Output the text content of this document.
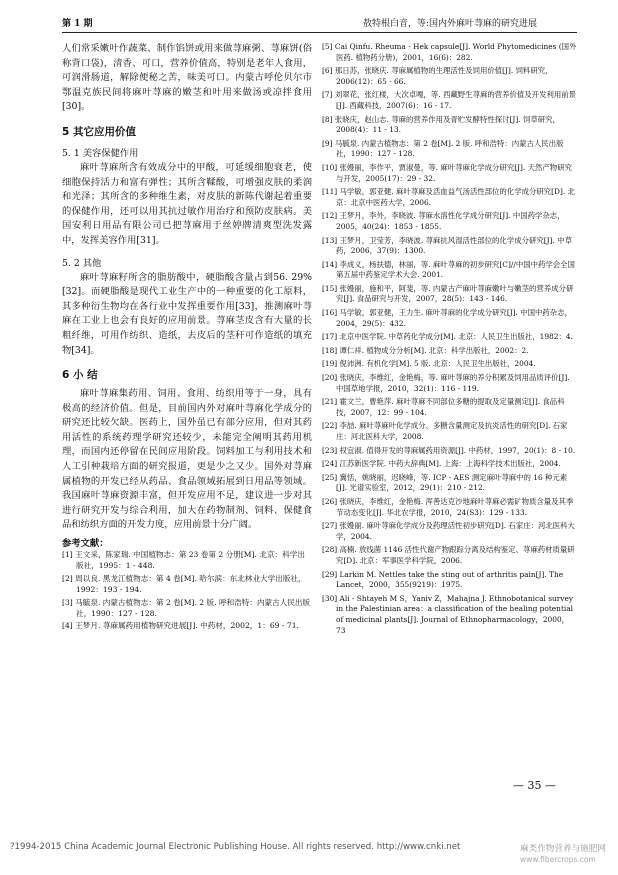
第 1 期	敖特根白音，等:国内外麻叶荨麻的研究进展

人们常采嫩叶作蔬菜、制作馅饼或用来做荨麻粥、荨麻饼(俗称背口袋)，清香、可口，营养价值高，特别是老年人食用，可润滑肠道，解除便秘之苦，味美可口。内蒙古呼伦贝尔市鄂温克族民间将麻叶荨麻的嫩茎和叶用来做汤或凉拌食用[30]。

5 其它应用价值
5. 1 美容保健作用

麻叶荨麻所含有效成分中的甲酸，可延缓细胞衰老，使细胞保持活力和富有弹性；其所含鞣酸，可增强皮肤的柔润和光泽；其所含的多种维生素，对皮肤的新陈代谢起着重要的保健作用，还可以用其抗过敏作用治疗和预防皮肤病。美国安利日用品有限公司已把荨麻用于丝婷牌清爽型洗发露中，发挥美容作用[31]。

5. 2 其他

麻叶荨麻籽所含的脂肪酸中，硬脂酸含量占到56. 29%[32]。而硬脂酸是现代工业生产中的一种重要的化工原料，其多种衍生物均在各行业中发挥重要作用[33]，推测麻叶荨麻在工业上也会有良好的应用前景。荨麻茎皮含有大量的长粗纤维，可用作纺织、造纸，去皮后的茎秆可作造纸的填充物[34]。

6 小 结

麻叶荨麻集药用、饲用、食用、纺织用等于一身，具有极高的经济价值。但是，目前国内外对麻叶荨麻化学成分的研究还比较欠缺。医药上，国外虽已有部分应用，但对其药用活性的系统药理学研究还较少，未能完全阐明其药用机理，而国内还停留在民间应用阶段。饲料加工与利用技术和人工引种栽培方面的研究报道，更是少之又少。国外对荨麻属植物的开发已经从药品、食品领域拓展到日用品等领域。我国麻叶荨麻资源丰富，但开发应用不足，建议进一步对其进行研究开发与综合利用，加大在药物制剂、饲料、保健食品和纺织方面的开发力度，应用前景十分广阔。

参考文献：

[1] 王文采，陈家瑞. 中国植物志：第 23 卷第 2 分册[M]. 北京：科学出版社，1995：1 - 448.

[2] 周以良. 黑龙江植物志：第 4 卷[M]. 哈尔滨：东北林业大学出版社，1992：193 - 194.

[3] 马毓泉. 内蒙古植物志：第 2 卷[M]. 2 版. 呼和浩特：内蒙古人民出版社，1990：127 - 128.

[4] 王梦月. 荨麻属药用植物研究进展[J]. 中药材，2002，1：69 - 71.

[5] Cai Qinfu. Rheuma - Hek capsule[J]. World Phytomedicines (国外医药. 植物药分册)，2001，16(6)：282.

[6] 那日苏，张晓庆. 荨麻属植物的生理活性及饲用价值[J]. 饲料研究，2006(12)：65 - 66.

[7] 刘翠花，张红楼，大次卓嘎，等. 西藏野生荨麻的营养价值及开发利用前景[J]. 西藏科技，2007(6)：16 - 17.

[8] 张晓庆，赵山志. 荨麻的营养作用及青贮发酵特性探讨[J]. 饲草研究，2008(4)：11 - 13.

[9] 马毓泉. 内蒙古植物志：第 2 卷[M]. 2 版. 呼和浩特：内蒙古人民出版社，1990：127 - 128.

[10] 张嫚丽，李作平，贾淑曼，等. 麻叶荨麻化学成分研究[J]. 天然产物研究与开发，2005(17)：29 - 32.

[11] 马学敏，郭亚健. 麻叶荨麻及活血益气汤活性部位的化学成分研究[D]. 北京：北京中医药大学，2006.

[12] 王梦月，李外，李晓波. 荨麻水溶性化学成分研究[J]. 中国药学杂志，2005，40(24)：1853 - 1855.

[13] 王梦月，卫莹芳，李晓波. 荨麻抗风湿活性部位的化学成分研究[J]. 中草药，2006，37(9)：1300.

[14] 李成义，杨扶德，林丽，等. 麻叶荨麻的初步研究[C]//中国中药学会全国第五届中药鉴定学术大会. 2001.

[15] 张嫚丽，施和平，阿斐，等. 内蒙古产麻叶荨麻嫩叶与嫩茎的营养成分研究[J]. 食品研究与开发，2007，28(5)：143 - 146.

[16] 马学敏，郭亚健，王力生. 麻叶荨麻的化学成分研究[J]. 中国中药杂志，2004，29(5)：432.

[17] 北京中医学院. 中草药化学成分[M]. 北京：人民卫生出版社，1982：4.

[18] 谭仁祥. 植物成分分析[M]. 北京：科学出版社，2002：2.

[19] 倪沛洲. 有机化学[M]. 5 版. 北京：人民卫生出版社，2004.

[20] 张晓庆，李维红，金艳梅，等. 麻叶荨麻的养分积累及饲用品质评价[J]. 中国草地学报，2010，32(1)：116 - 119.

[21] 霍文兰，曹艳萍. 麻叶荨麻不同部位多糖的提取及定量测定[J]. 食品科技，2007，12：99 - 104.

[22] 李喆. 麻叶荨麻叶化学成分、多糖含量测定及抗炎活性的研究[D]. 石家庄：河北医科大学，2008.

[23] 权宜淑. 值得开发的荨麻属药用资源[J]. 中药材，1997，20(1)：8 - 10.

[24] 江苏新医学院. 中药大辞典[M]. 上海：上海科学技术出版社，2004.

[25] 冀恬，姚晓丽，迟晓峰，等. ICP - AES 测定麻叶荨麻中的 16 种元素[J]. 光谱实验室，2012，29(1)：210 - 212.

[26] 张晓庆，李维红，金艳梅. 浑善达克沙地麻叶荨麻必需矿物质含量及其季节动态变化[J]. 华北农学报，2010，24(S3)：129 - 133.

[27] 张嫚丽. 麻叶荨麻化学成分及药理活性初步研究[D]. 石家庄：河北医科大学，2004.

[28] 高楠. 放线菌 1146 活性代谢产物跟踪分离及结构鉴定、荨麻药材质量研究[D]. 北京：军事医学科学院，2006.

[29] Larkin M. Nettles take the sting out of arthritis pain[J]. The Lancet，2000，355(9219)：1975.

[30] Ali - Shtayeh M S，Yaniv Z，Mahajna J. Ethnobotanical survey in the Palestinian area：a classification of the healing potential of medicinal plants[J]. Journal of Ethnopharmacology，2000，73

— 35 —
?1994-2015 China Academic Journal Electronic Publishing House. All rights reserved. http://www.cnki.net	麻类作物营养与施肥网
www.fibercrops.com
